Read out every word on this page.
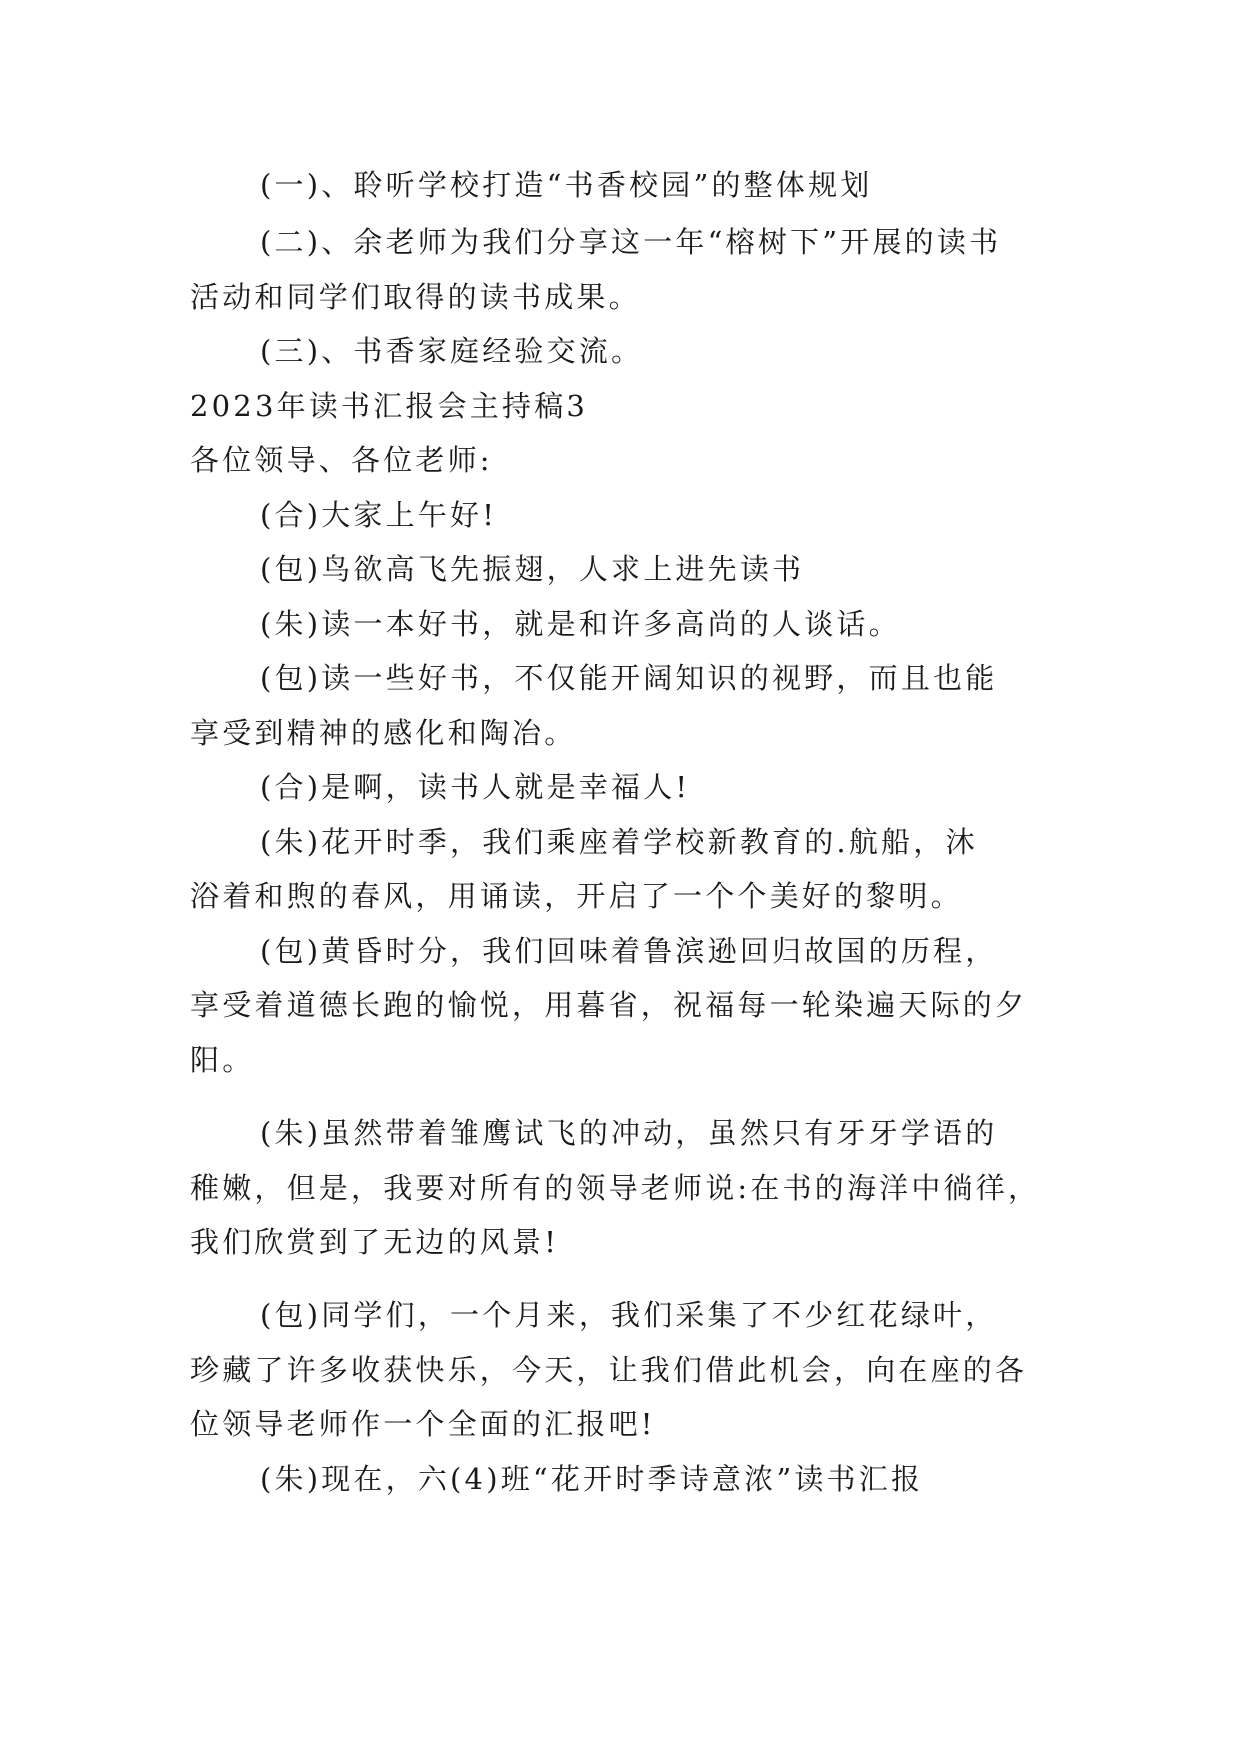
(一)、聆听学校打造“书香校园”的整体规划
(二)、余老师为我们分享这一年“榕树下”开展的读书
活动和同学们取得的读书成果。
(三)、书香家庭经验交流。
2023年读书汇报会主持稿3
各位领导、各位老师:
(合)大家上午好!
(包)鸟欲高飞先振翅，人求上进先读书
(朱)读一本好书，就是和许多高尚的人谈话。
(包)读一些好书，不仅能开阔知识的视野，而且也能
享受到精神的感化和陶冶。
(合)是啊，读书人就是幸福人!
(朱)花开时季，我们乘座着学校新教育的.航船，沐
浴着和煦的春风，用诵读，开启了一个个美好的黎明。
(包)黄昏时分，我们回味着鲁滨逊回归故国的历程，
享受着道德长跑的愉悦，用暮省，祝福每一轮染遍天际的夕
阳。
(朱)虽然带着雏鹰试飞的冲动，虽然只有牙牙学语的
稚嫩，但是，我要对所有的领导老师说:在书的海洋中徜徉，
我们欣赏到了无边的风景!
(包)同学们，一个月来，我们采集了不少红花绿叶，
珍藏了许多收获快乐，今天，让我们借此机会，向在座的各
位领导老师作一个全面的汇报吧!
(朱)现在，六(4)班“花开时季诗意浓”读书汇报
